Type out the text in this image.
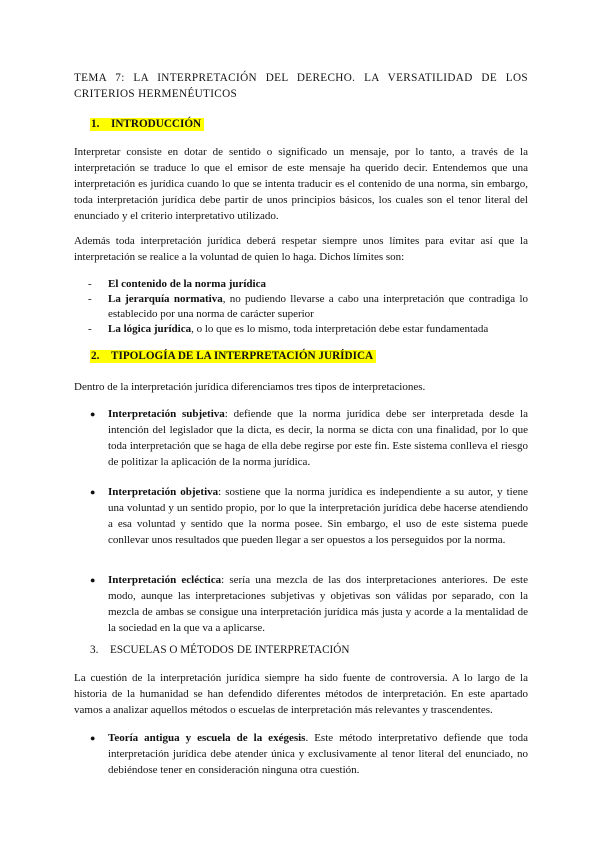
TEMA 7: LA INTERPRETACIÓN DEL DERECHO. LA VERSATILIDAD DE LOS CRITERIOS HERMENÉUTICOS
1. INTRODUCCIÓN

Interpretar consiste en dotar de sentido o significado un mensaje, por lo tanto, a través de la interpretación se traduce lo que el emisor de este mensaje ha querido decir. Entendemos que una interpretación es jurídica cuando lo que se intenta traducir es el contenido de una norma, sin embargo, toda interpretación jurídica debe partir de unos principios básicos, los cuales son el tenor literal del enunciado y el criterio interpretativo utilizado.

Además toda interpretación jurídica deberá respetar siempre unos límites para evitar así que la interpretación se realice a la voluntad de quien lo haga. Dichos límites son:

- El contenido de la norma jurídica
- La jerarquía normativa, no pudiendo llevarse a cabo una interpretación que contradiga lo establecido por una norma de carácter superior
- La lógica jurídica, o lo que es lo mismo, toda interpretación debe estar fundamentada
2. TIPOLOGÍA DE LA INTERPRETACIÓN JURÍDICA

Dentro de la interpretación jurídica diferenciamos tres tipos de interpretaciones.

●	Interpretación subjetiva: defiende que la norma jurídica debe ser interpretada desde la intención del legislador que la dicta, es decir, la norma se dicta con una finalidad, por lo que toda interpretación que se haga de ella debe regirse por este fin. Este sistema conlleva el riesgo de politizar la aplicación de la norma jurídica.
●	Interpretación objetiva: sostiene que la norma jurídica es independiente a su autor, y tiene una voluntad y un sentido propio, por lo que la interpretación jurídica debe hacerse atendiendo a esa voluntad y sentido que la norma posee. Sin embargo, el uso de este sistema puede conllevar unos resultados que pueden llegar a ser opuestos a los perseguidos por la norma.
●	Interpretación ecléctica: sería una mezcla de las dos interpretaciones anteriores. De este modo, aunque las interpretaciones subjetivas y objetivas son válidas por separado, con la mezcla de ambas se consigue una interpretación jurídica más justa y acorde a la mentalidad de la sociedad en la que va a aplicarse.
3. ESCUELAS O MÉTODOS DE INTERPRETACIÓN

La cuestión de la interpretación jurídica siempre ha sido fuente de controversia. A lo largo de la historia de la humanidad se han defendido diferentes métodos de interpretación. En este apartado vamos a analizar aquellos métodos o escuelas de interpretación más relevantes y trascendentes.

●	Teoría antigua y escuela de la exégesis. Este método interpretativo defiende que toda interpretación jurídica debe atender única y exclusivamente al tenor literal del enunciado, no debiéndose tener en consideración ninguna otra cuestión.
